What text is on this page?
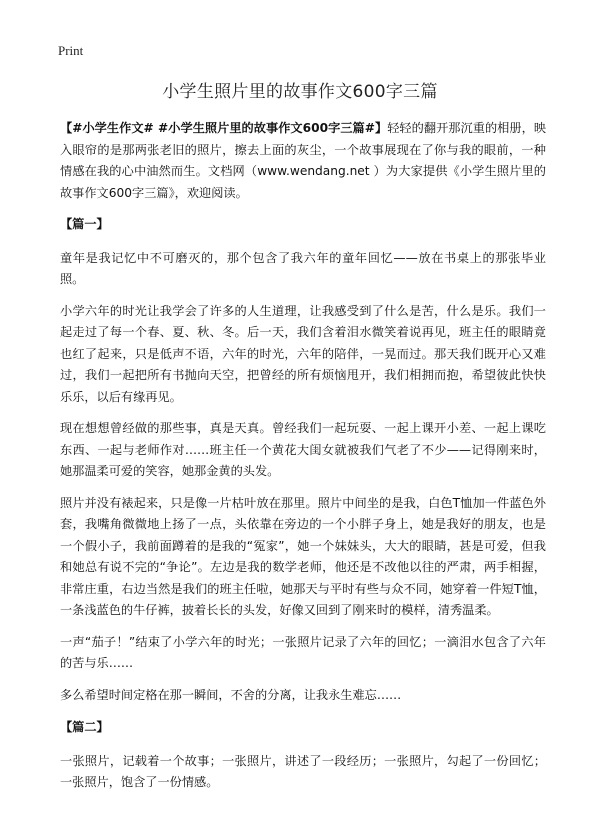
Print
小学生照片里的故事作文600字三篇

【#小学生作文# #小学生照片里的故事作文600字三篇#】轻轻的翻开那沉重的相册，映入眼帘的是那两张老旧的照片，擦去上面的灰尘，一个故事展现在了你与我的眼前，一种情感在我的心中油然而生。文档网（www.wendang.net ）为大家提供《小学生照片里的故事作文600字三篇》，欢迎阅读。

【篇一】

童年是我记忆中不可磨灭的，那个包含了我六年的童年回忆——放在书桌上的那张毕业照。

小学六年的时光让我学会了许多的人生道理，让我感受到了什么是苦，什么是乐。我们一起走过了每一个春、夏、秋、冬。后一天，我们含着泪水微笑着说再见，班主任的眼睛竟也红了起来，只是低声不语，六年的时光，六年的陪伴，一晃而过。那天我们既开心又难过，我们一起把所有书抛向天空，把曾经的所有烦恼甩开，我们相拥而抱，希望彼此快快乐乐，以后有缘再见。

现在想想曾经做的那些事，真是天真。曾经我们一起玩耍、一起上课开小差、一起上课吃东西、一起与老师作对……班主任一个黄花大闺女就被我们气老了不少——记得刚来时，她那温柔可爱的笑容，她那金黄的头发。

照片并没有裱起来，只是像一片枯叶放在那里。照片中间坐的是我，白色T恤加一件蓝色外套，我嘴角微微地上扬了一点，头依靠在旁边的一个小胖子身上，她是我好的朋友，也是一个假小子，我前面蹲着的是我的“冤家”，她一个妹妹头，大大的眼睛，甚是可爱，但我和她总有说不完的“争论”。左边是我的数学老师，他还是不改他以往的严肃，两手相握，非常庄重，右边当然是我们的班主任啦，她那天与平时有些与众不同，她穿着一件短T恤，一条浅蓝色的牛仔裤，披着长长的头发，好像又回到了刚来时的模样，清秀温柔。

一声“茄子！”结束了小学六年的时光；一张照片记录了六年的回忆；一滴泪水包含了六年的苦与乐……

多么希望时间定格在那一瞬间，不舍的分离，让我永生难忘……

【篇二】

一张照片，记载着一个故事；一张照片，讲述了一段经历；一张照片，勾起了一份回忆；一张照片，饱含了一份情感。
